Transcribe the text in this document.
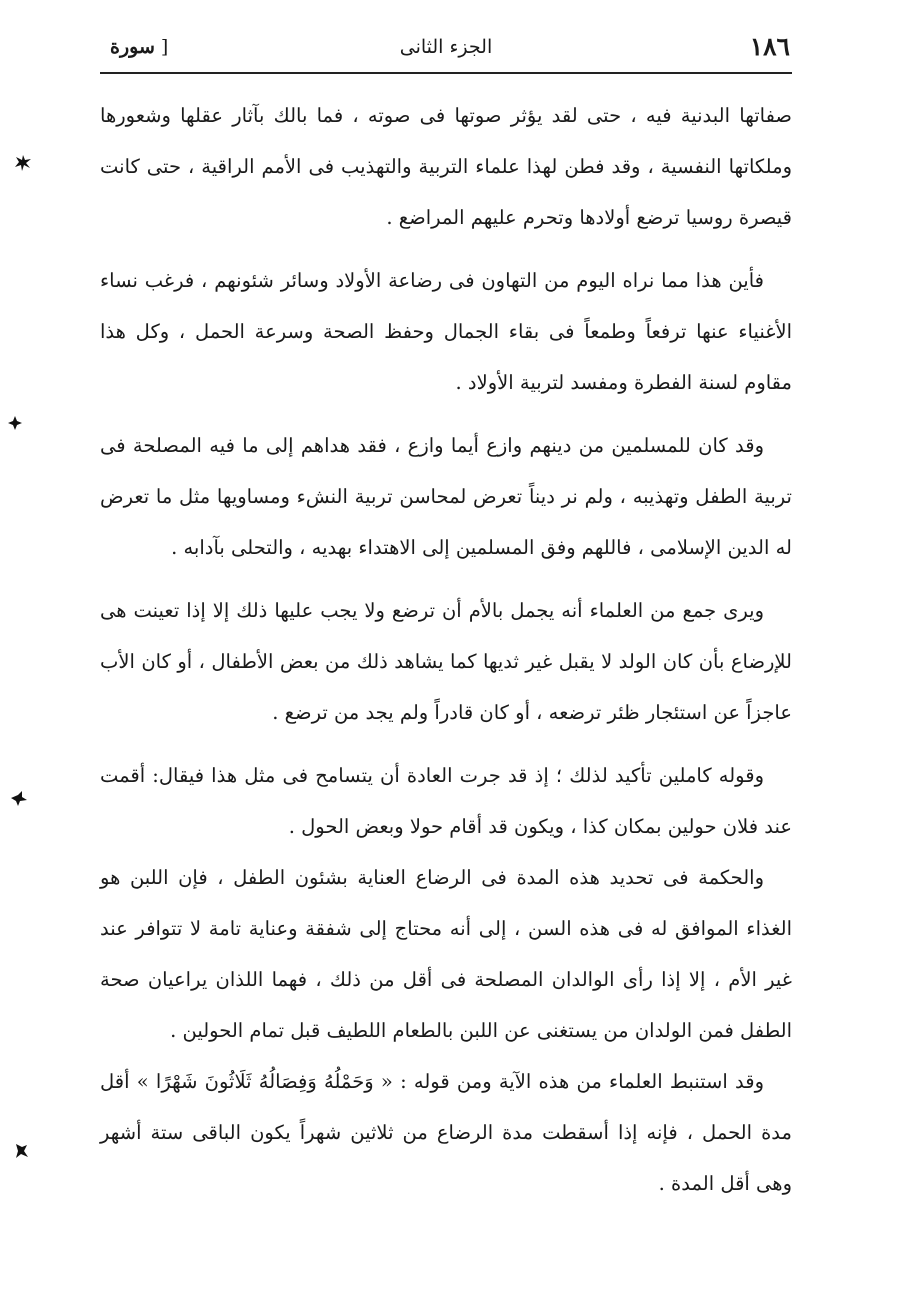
١٨٦
الجزء الثانى
[سورة

صفاتها البدنية فيه ، حتى لقد يؤثر صوتها فى صوته ، فما بالك بآثار عقلها وشعورها وملكاتها النفسية ، وقد فطن لهذا علماء التربية والتهذيب فى الأمم الراقية ، حتى كانت قيصرة روسيا ترضع أولادها وتحرم عليهم المراضع .

فأين هذا مما نراه اليوم من التهاون فى رضاعة الأولاد وسائر شئونهم ، فرغب نساء الأغنياء عنها ترفعاً وطمعاً فى بقاء الجمال وحفظ الصحة وسرعة الحمل ، وكل هذا مقاوم لسنة الفطرة ومفسد لتربية الأولاد .

وقد كان للمسلمين من دينهم وازع أيما وازع ، فقد هداهم إلى ما فيه المصلحة فى تربية الطفل وتهذيبه ، ولم نر ديناً تعرض لمحاسن تربية النشء ومساويها مثل ما تعرض له الدين الإسلامى ، فاللهم وفق المسلمين إلى الاهتداء بهديه ، والتحلى بآدابه .

ويرى جمع من العلماء أنه يجمل بالأم أن ترضع ولا يجب عليها ذلك إلا إذا تعينت هى للإرضاع بأن كان الولد لا يقبل غير ثديها كما يشاهد ذلك من بعض الأطفال ، أو كان الأب عاجزاً عن استئجار ظئر ترضعه ، أو كان قادراً ولم يجد من ترضع .

وقوله كاملين تأكيد لذلك ؛ إذ قد جرت العادة أن يتسامح فى مثل هذا فيقال: أقمت عند فلان حولين بمكان كذا ، ويكون قد أقام حولا وبعض الحول .

والحكمة فى تحديد هذه المدة فى الرضاع العناية بشئون الطفل ، فإن اللبن هو الغذاء الموافق له فى هذه السن ، إلى أنه محتاج إلى شفقة وعناية تامة لا تتوافر عند غير الأم ، إلا إذا رأى الوالدان المصلحة فى أقل من ذلك ، فهما اللذان يراعيان صحة الطفل فمن الولدان من يستغنى عن اللبن بالطعام اللطيف قبل تمام الحولين .

وقد استنبط العلماء من هذه الآية ومن قوله : « وَحَمْلُهُ وَفِصَالُهُ ثَلَاثُونَ شَهْرًا » أقل مدة الحمل ، فإنه إذا أسقطت مدة الرضاع من ثلاثين شهراً يكون الباقى ستة أشهر وهى أقل المدة .
